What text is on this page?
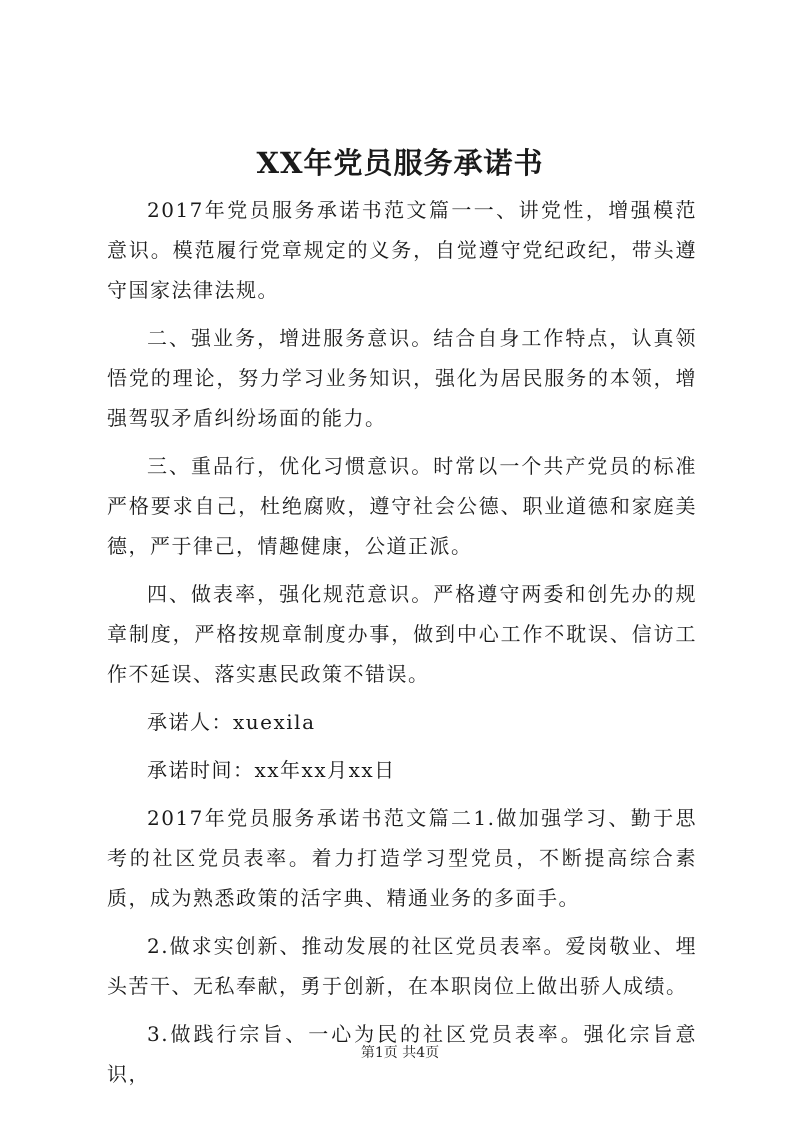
XX年党员服务承诺书

2017年党员服务承诺书范文篇一一、讲党性，增强模范意识。模范履行党章规定的义务，自觉遵守党纪政纪，带头遵守国家法律法规。

二、强业务，增进服务意识。结合自身工作特点，认真领悟党的理论，努力学习业务知识，强化为居民服务的本领，增强驾驭矛盾纠纷场面的能力。

三、重品行，优化习惯意识。时常以一个共产党员的标准严格要求自己，杜绝腐败，遵守社会公德、职业道德和家庭美德，严于律己，情趣健康，公道正派。

四、做表率，强化规范意识。严格遵守两委和创先办的规章制度，严格按规章制度办事，做到中心工作不耽误、信访工作不延误、落实惠民政策不错误。

承诺人：xuexila

承诺时间：xx年xx月xx日

2017年党员服务承诺书范文篇二1.做加强学习、勤于思考的社区党员表率。着力打造学习型党员，不断提高综合素质，成为熟悉政策的活字典、精通业务的多面手。

2.做求实创新、推动发展的社区党员表率。爱岗敬业、埋头苦干、无私奉献，勇于创新，在本职岗位上做出骄人成绩。

3.做践行宗旨、一心为民的社区党员表率。强化宗旨意识，

第1页 共4页
